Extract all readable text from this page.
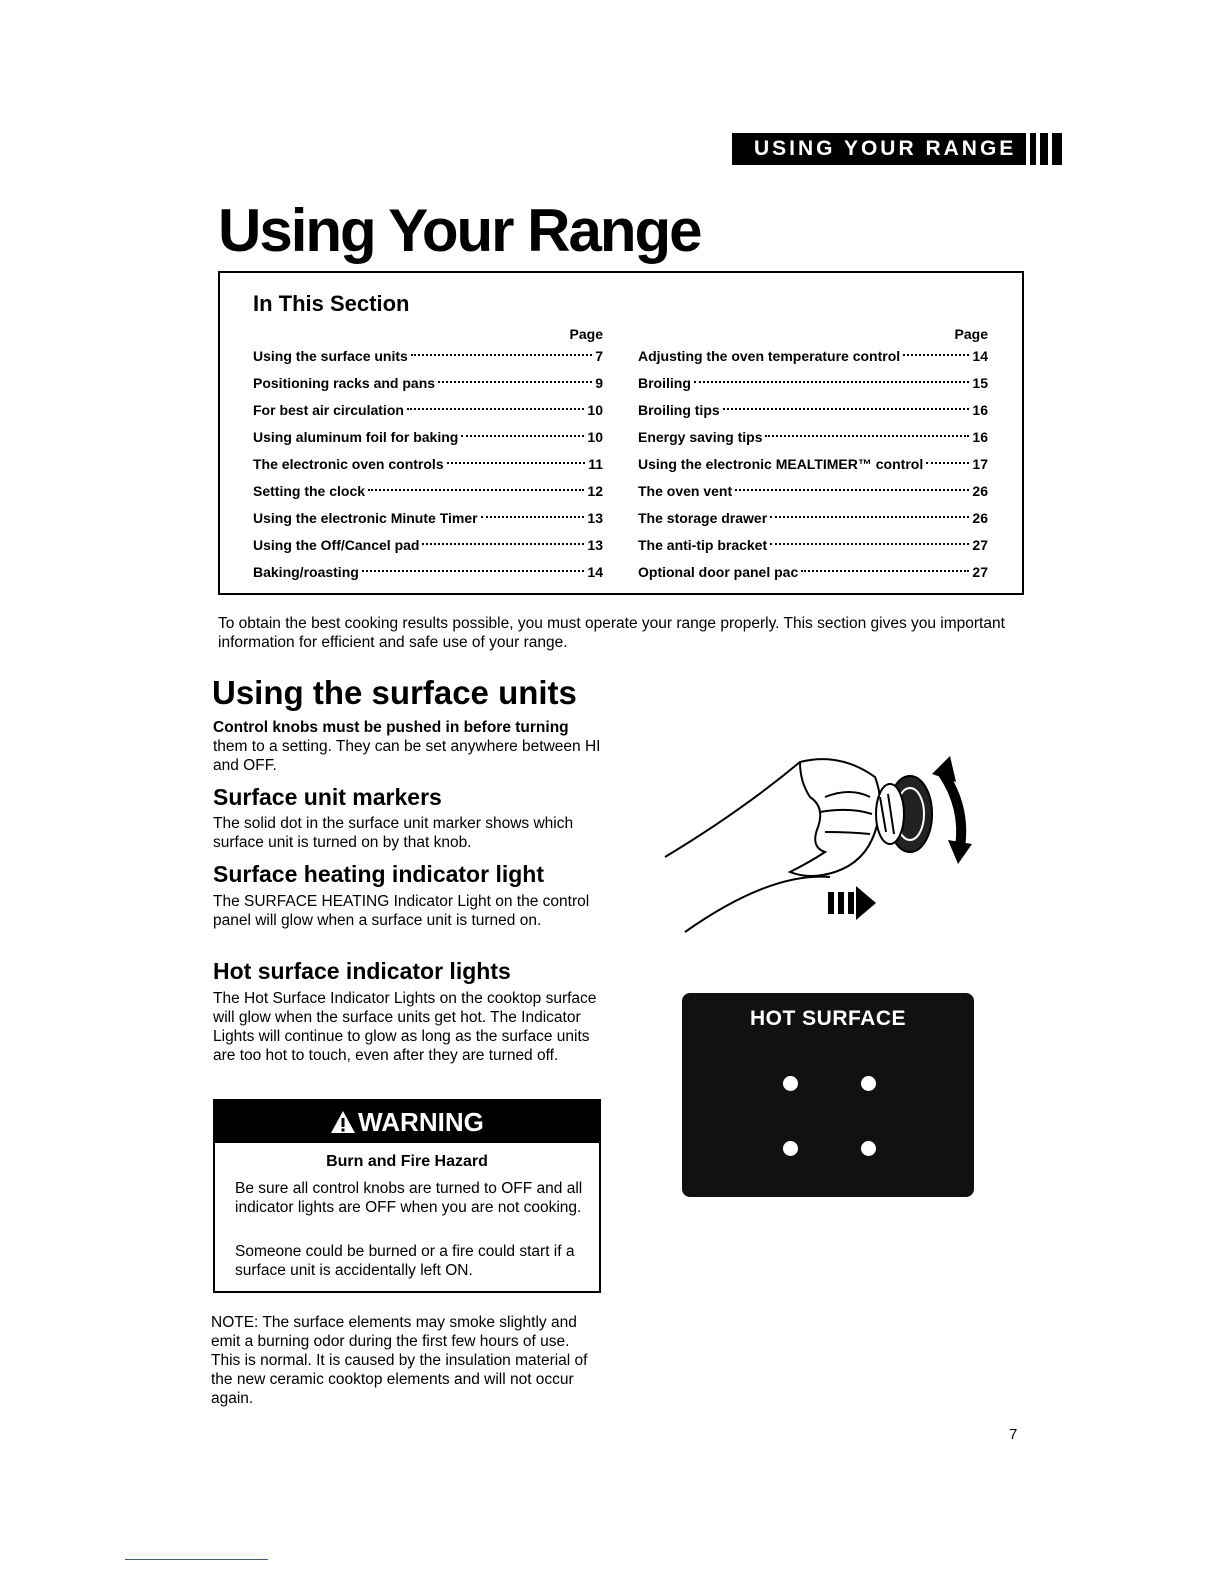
USING YOUR RANGE
Using Your Range
In This Section
Page
Using the surface units	7
Positioning racks and pans	9
For best air circulation	10
Using aluminum foil for baking	10
The electronic oven controls	11
Setting the clock	12
Using the electronic Minute Timer	13
Using the Off/Cancel pad	13
Baking/roasting	14
Page
Adjusting the oven temperature control	14
Broiling	15
Broiling tips	16
Energy saving tips	16
Using the electronic MEALTIMER™ control	17
The oven vent	26
The storage drawer	26
The anti-tip bracket	27
Optional door panel pac	27
To obtain the best cooking results possible, you must operate your range properly. This section gives you important information for efficient and safe use of your range.
Using the surface units
Control knobs must be pushed in before turning them to a setting. They can be set anywhere between HI and OFF.
Surface unit markers
The solid dot in the surface unit marker shows which surface unit is turned on by that knob.
Surface heating indicator light
The SURFACE HEATING Indicator Light on the control panel will glow when a surface unit is turned on.
Hot surface indicator lights
The Hot Surface Indicator Lights on the cooktop surface will glow when the surface units get hot. The Indicator Lights will continue to glow as long as the surface units are too hot to touch, even after they are turned off.
WARNING
Burn and Fire Hazard
Be sure all control knobs are turned to OFF and all indicator lights are OFF when you are not cooking.
Someone could be burned or a fire could start if a surface unit is accidentally left ON.
NOTE: The surface elements may smoke slightly and emit a burning odor during the first few hours of use. This is normal. It is caused by the insulation material of the new ceramic cooktop elements and will not occur again.
HOT SURFACE
7
